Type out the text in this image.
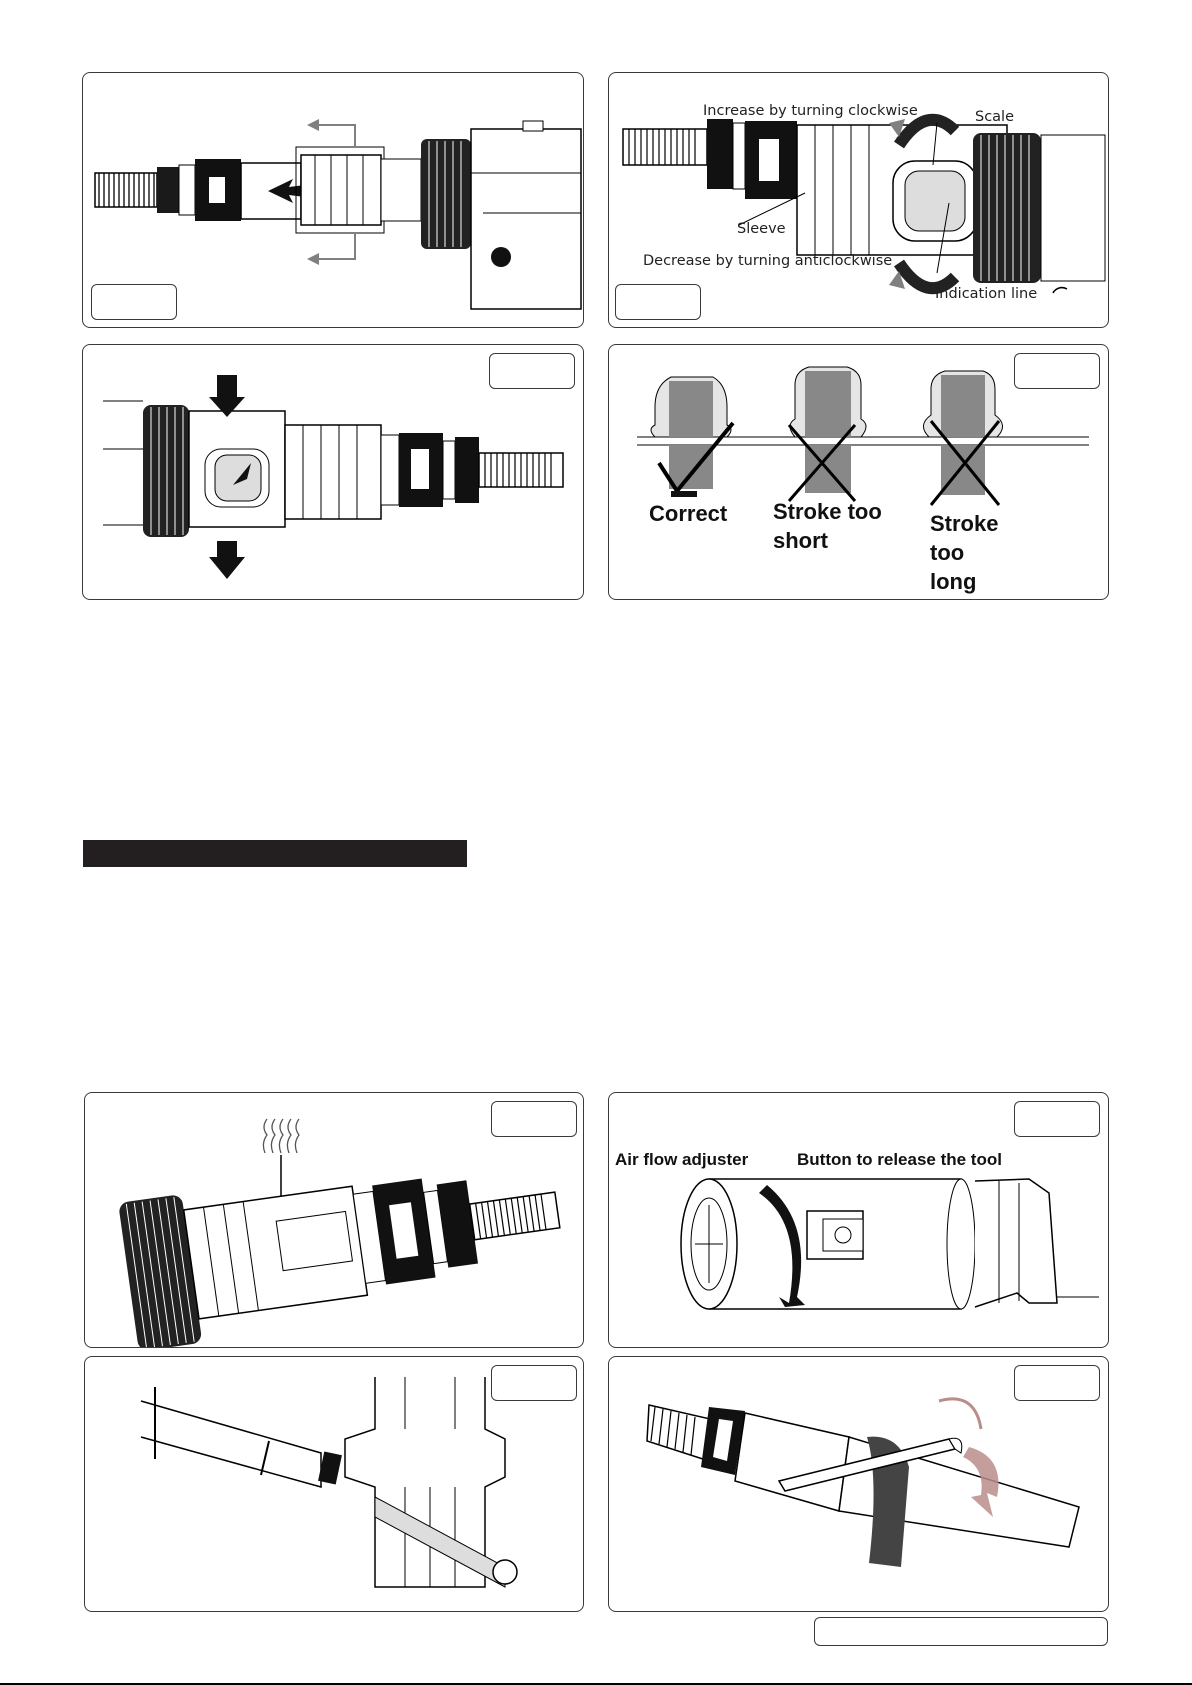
Increase by turning clockwise	Scale
Sleeve
Decrease by turning anticlockwise
Indication line
Correct Stroke too short
Stroke too long
Air flow adjuster	Button to release the tool
